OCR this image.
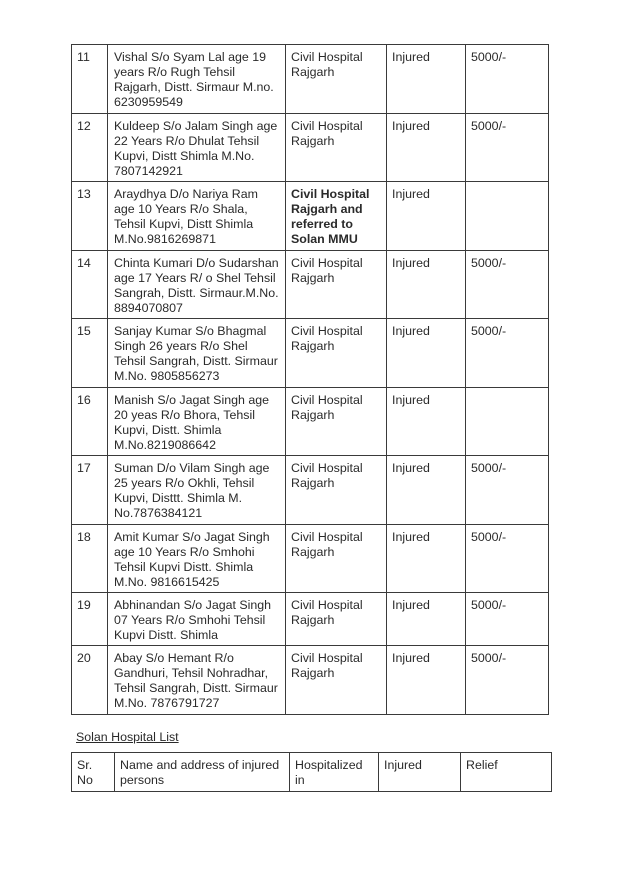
11	Vishal S/o Syam Lal age 19 years R/o Rugh Tehsil Rajgarh, Distt. Sirmaur M.no. 6230959549	Civil Hospital Rajgarh	Injured	5000/-
12	Kuldeep S/o Jalam Singh age 22 Years R/o Dhulat Tehsil Kupvi, Distt Shimla M.No. 7807142921	Civil Hospital Rajgarh	Injured	5000/-
13	Araydhya D/o Nariya Ram age 10 Years R/o Shala, Tehsil Kupvi, Distt Shimla M.No.9816269871	Civil Hospital Rajgarh and referred to Solan MMU	Injured	
14	Chinta Kumari D/o Sudarshan age 17 Years R/ o Shel Tehsil Sangrah, Distt. Sirmaur.M.No. 8894070807	Civil Hospital Rajgarh	Injured	5000/-
15	Sanjay Kumar S/o Bhagmal Singh 26 years R/o Shel Tehsil Sangrah, Distt. Sirmaur M.No. 9805856273	Civil Hospital Rajgarh	Injured	5000/-
16	Manish S/o Jagat Singh age 20 yeas R/o Bhora, Tehsil Kupvi, Distt. Shimla M.No.8219086642	Civil Hospital Rajgarh	Injured	
17	Suman D/o Vilam Singh age 25 years R/o Okhli, Tehsil Kupvi, Disttt. Shimla M. No.7876384121	Civil Hospital Rajgarh	Injured	5000/-
18	Amit Kumar S/o Jagat Singh age 10 Years R/o Smhohi Tehsil Kupvi Distt. Shimla M.No. 9816615425	Civil Hospital Rajgarh	Injured	5000/-
19	Abhinandan S/o Jagat Singh 07 Years R/o Smhohi Tehsil Kupvi Distt. Shimla	Civil Hospital Rajgarh	Injured	5000/-
20	Abay S/o Hemant R/o Gandhuri, Tehsil Nohradhar, Tehsil Sangrah, Distt. Sirmaur M.No. 7876791727	Civil Hospital Rajgarh	Injured	5000/-
Solan Hospital List
Sr. No	Name and address of injured persons	Hospitalized in	Injured	Relief
